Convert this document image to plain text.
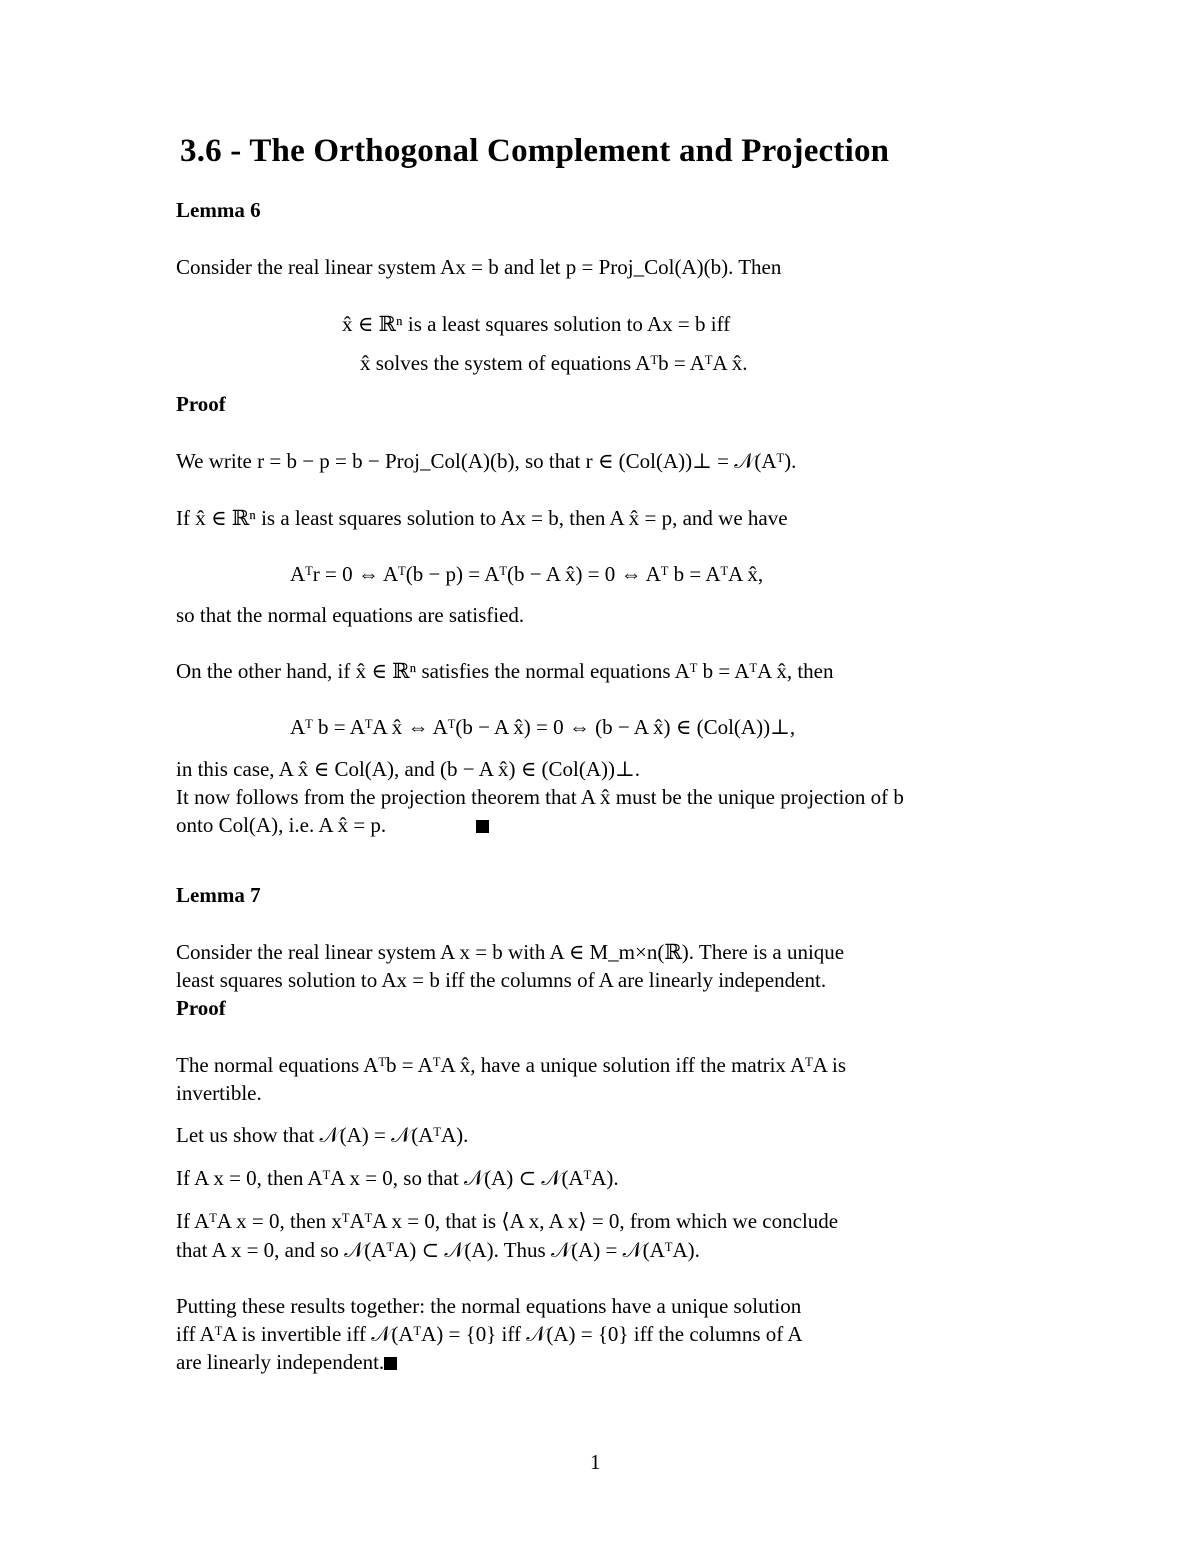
3.6 - The Orthogonal Complement and Projection
Lemma 6
Consider the real linear system Ax = b and let p = Proj_Col(A)(b). Then
x̂ ∈ ℝⁿ is a least squares solution to Ax = b iff
x̂ solves the system of equations Aᵀb = AᵀA x̂.
Proof
We write r = b − p = b − Proj_Col(A)(b), so that r ∈ (Col(A))⊥ = 𝒩(Aᵀ).
If x̂ ∈ ℝⁿ is a least squares solution to Ax = b, then A x̂ = p, and we have
Aᵀr = 0 ⇔ Aᵀ(b − p) = Aᵀ(b − A x̂) = 0 ⇔ Aᵀ b = AᵀA x̂,
so that the normal equations are satisfied.
On the other hand, if x̂ ∈ ℝⁿ satisfies the normal equations Aᵀ b = AᵀA x̂, then
Aᵀ b = AᵀA x̂ ⇔ Aᵀ(b − A x̂) = 0 ⇔ (b − A x̂) ∈ (Col(A))⊥,
in this case, A x̂ ∈ Col(A), and (b − A x̂) ∈ (Col(A))⊥.
It now follows from the projection theorem that A x̂ must be the unique projection of b
onto Col(A), i.e. A x̂ = p.
Lemma 7
Consider the real linear system A x = b with A ∈ M_m×n(ℝ). There is a unique
least squares solution to Ax = b iff the columns of A are linearly independent.
Proof
The normal equations Aᵀb = AᵀA x̂, have a unique solution iff the matrix AᵀA is
invertible.
Let us show that 𝒩(A) = 𝒩(AᵀA).
If A x = 0, then AᵀA x = 0, so that 𝒩(A) ⊂ 𝒩(AᵀA).
If AᵀA x = 0, then xᵀAᵀA x = 0, that is ⟨A x, A x⟩ = 0, from which we conclude
that A x = 0, and so 𝒩(AᵀA) ⊂ 𝒩(A). Thus 𝒩(A) = 𝒩(AᵀA).
Putting these results together: the normal equations have a unique solution
iff AᵀA is invertible iff 𝒩(AᵀA) = {0} iff 𝒩(A) = {0} iff the columns of A
are linearly independent.
1
